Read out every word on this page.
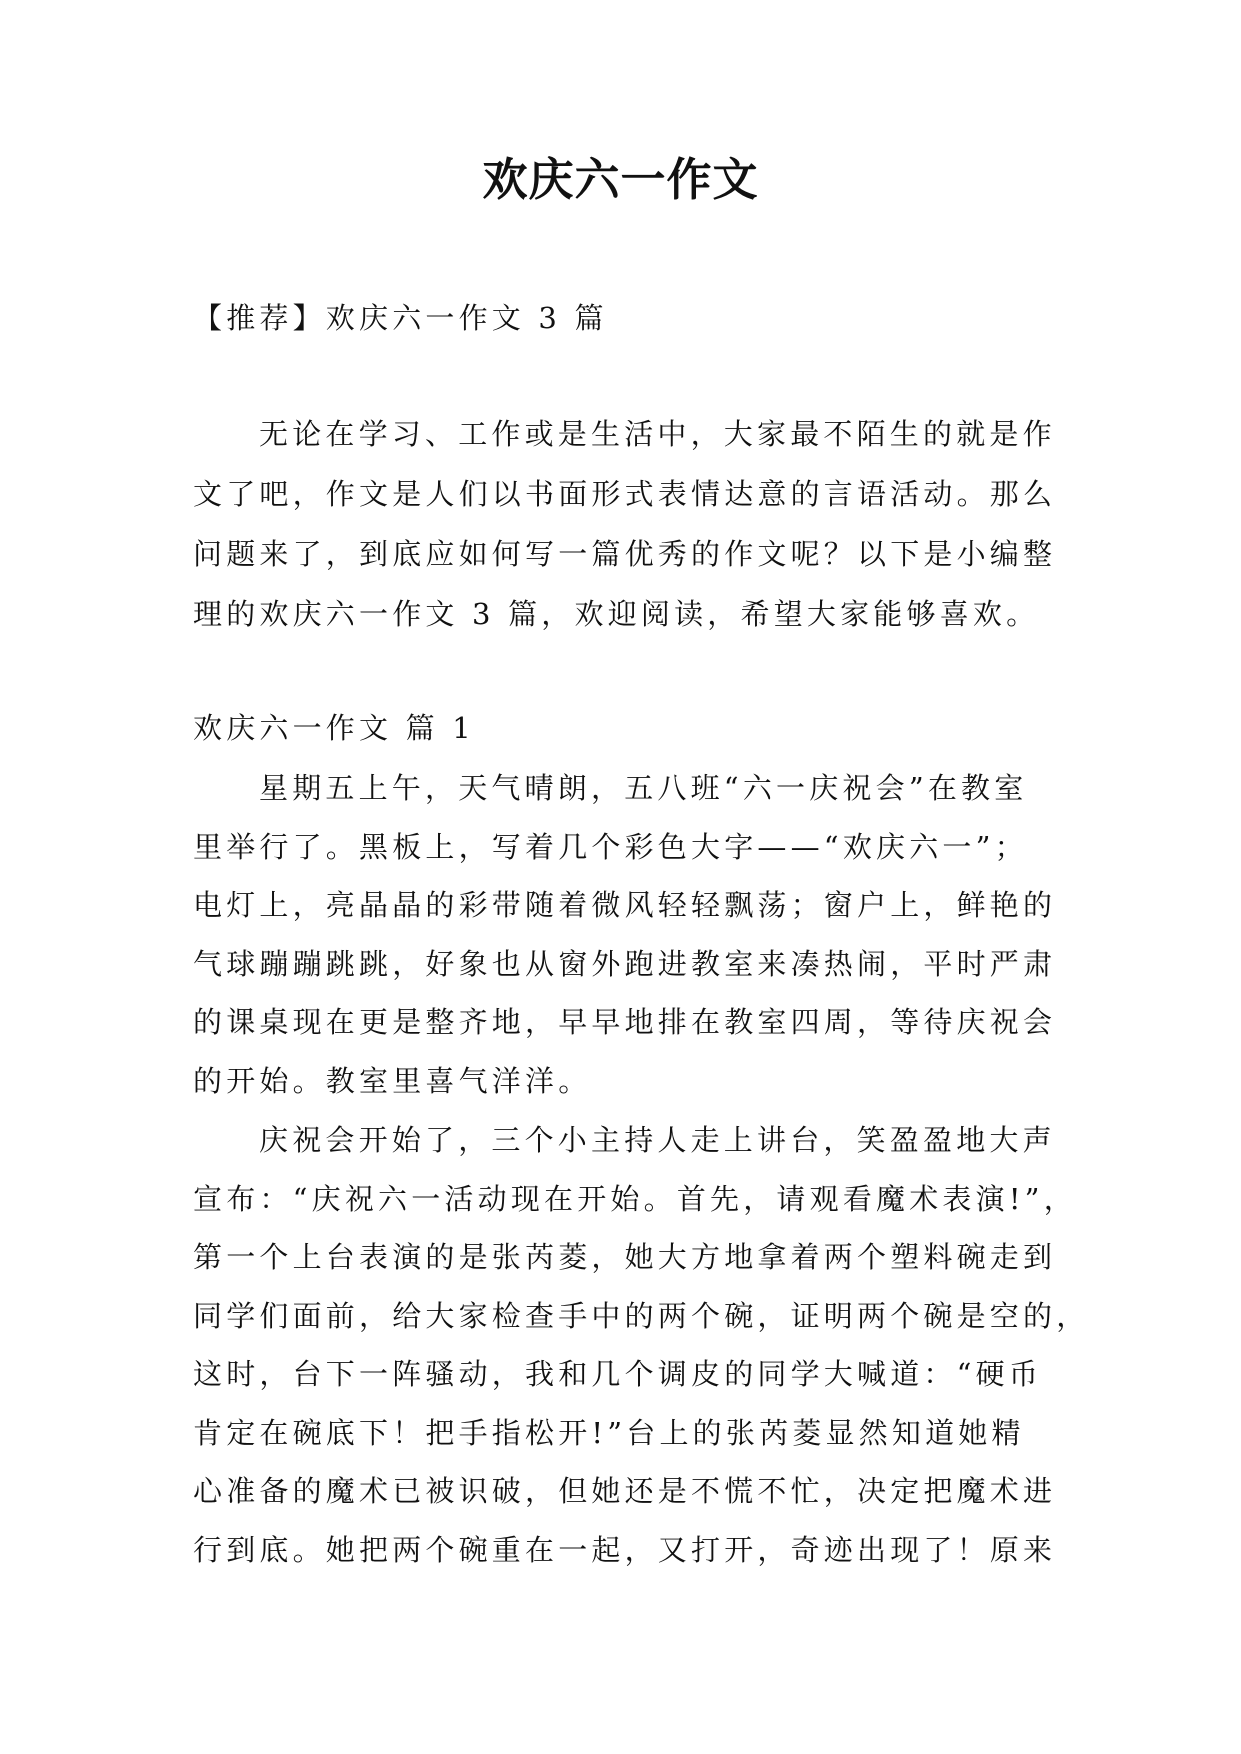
欢庆六一作文
【推荐】欢庆六一作文 3 篇
无论在学习、工作或是生活中，大家最不陌生的就是作
文了吧，作文是人们以书面形式表情达意的言语活动。那么
问题来了，到底应如何写一篇优秀的作文呢？以下是小编整
理的欢庆六一作文 3 篇，欢迎阅读，希望大家能够喜欢。
欢庆六一作文 篇 1
星期五上午，天气晴朗，五八班“六一庆祝会”在教室
里举行了。黑板上，写着几个彩色大字——“欢庆六一”；
电灯上，亮晶晶的彩带随着微风轻轻飘荡；窗户上，鲜艳的
气球蹦蹦跳跳，好象也从窗外跑进教室来凑热闹，平时严肃
的课桌现在更是整齐地，早早地排在教室四周，等待庆祝会
的开始。教室里喜气洋洋。
庆祝会开始了，三个小主持人走上讲台，笑盈盈地大声
宣布：“庆祝六一活动现在开始。首先，请观看魔术表演!”，
第一个上台表演的是张芮菱，她大方地拿着两个塑料碗走到
同学们面前，给大家检查手中的两个碗，证明两个碗是空的，
这时，台下一阵骚动，我和几个调皮的同学大喊道：“硬币
肯定在碗底下！把手指松开!”台上的张芮菱显然知道她精
心准备的魔术已被识破，但她还是不慌不忙，决定把魔术进
行到底。她把两个碗重在一起，又打开，奇迹出现了！原来
